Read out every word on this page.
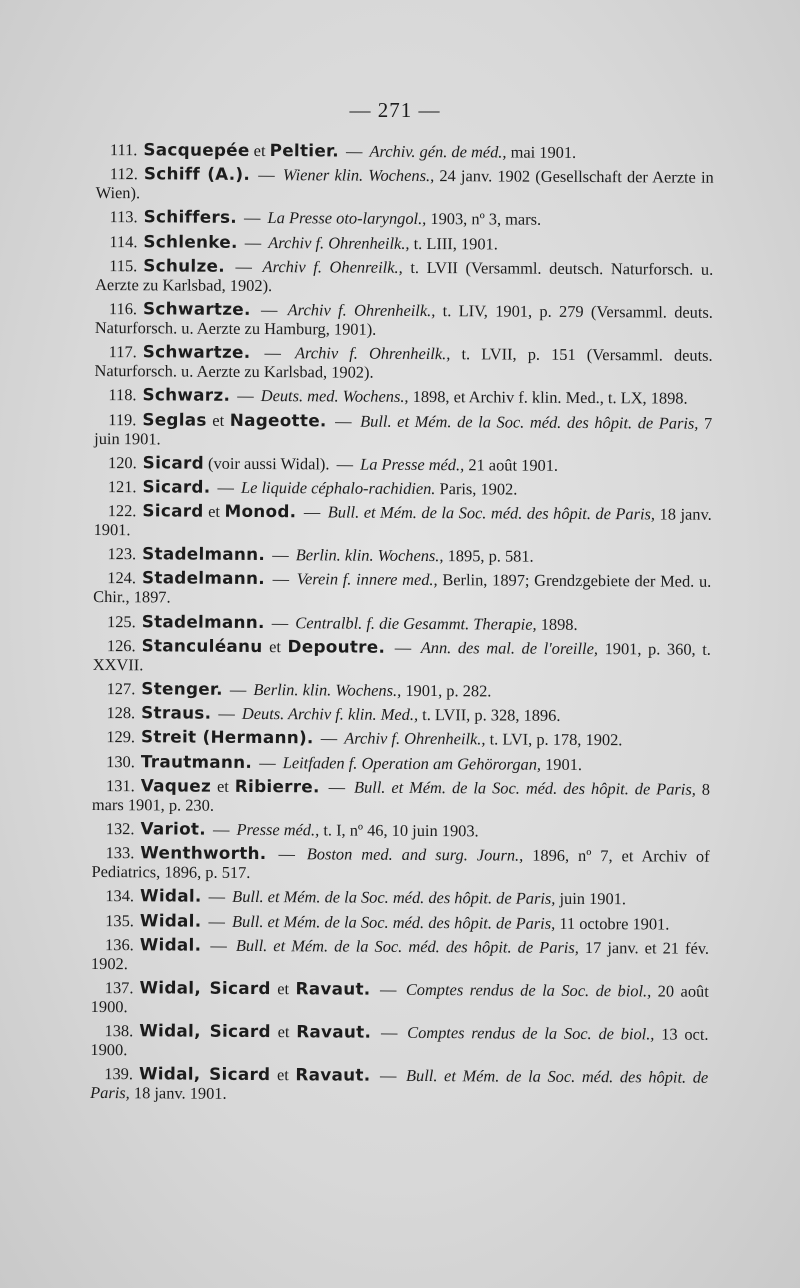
— 271 —

111. Sacquepée et Peltier. — Archiv. gén. de méd., mai 1901.

112. Schiff (A.). — Wiener klin. Wochens., 24 janv. 1902 (Gesellschaft der Aerzte in Wien).

113. Schiffers. — La Presse oto-laryngol., 1903, nº 3, mars.

114. Schlenke. — Archiv f. Ohrenheilk., t. LIII, 1901.

115. Schulze. — Archiv f. Ohenreilk., t. LVII (Versamml. deutsch. Naturforsch. u. Aerzte zu Karlsbad, 1902).

116. Schwartze. — Archiv f. Ohrenheilk., t. LIV, 1901, p. 279 (Versamml. deuts. Naturforsch. u. Aerzte zu Hamburg, 1901).

117. Schwartze. — Archiv f. Ohrenheilk., t. LVII, p. 151 (Versamml. deuts. Naturforsch. u. Aerzte zu Karlsbad, 1902).

118. Schwarz. — Deuts. med. Wochens., 1898, et Archiv f. klin. Med., t. LX, 1898.

119. Seglas et Nageotte. — Bull. et Mém. de la Soc. méd. des hôpit. de Paris, 7 juin 1901.

120. Sicard (voir aussi Widal). — La Presse méd., 21 août 1901.

121. Sicard. — Le liquide céphalo-rachidien. Paris, 1902.

122. Sicard et Monod. — Bull. et Mém. de la Soc. méd. des hôpit. de Paris, 18 janv. 1901.

123. Stadelmann. — Berlin. klin. Wochens., 1895, p. 581.

124. Stadelmann. — Verein f. innere med., Berlin, 1897; Grendzgebiete der Med. u. Chir., 1897.

125. Stadelmann. — Centralbl. f. die Gesammt. Therapie, 1898.

126. Stanculéanu et Depoutre. — Ann. des mal. de l'oreille, 1901, p. 360, t. XXVII.

127. Stenger. — Berlin. klin. Wochens., 1901, p. 282.

128. Straus. — Deuts. Archiv f. klin. Med., t. LVII, p. 328, 1896.

129. Streit (Hermann). — Archiv f. Ohrenheilk., t. LVI, p. 178, 1902.

130. Trautmann. — Leitfaden f. Operation am Gehörorgan, 1901.

131. Vaquez et Ribierre. — Bull. et Mém. de la Soc. méd. des hôpit. de Paris, 8 mars 1901, p. 230.

132. Variot. — Presse méd., t. I, nº 46, 10 juin 1903.

133. Wenthworth. — Boston med. and surg. Journ., 1896, nº 7, et Archiv of Pediatrics, 1896, p. 517.

134. Widal. — Bull. et Mém. de la Soc. méd. des hôpit. de Paris, juin 1901.

135. Widal. — Bull. et Mém. de la Soc. méd. des hôpit. de Paris, 11 octobre 1901.

136. Widal. — Bull. et Mém. de la Soc. méd. des hôpit. de Paris, 17 janv. et 21 fév. 1902.

137. Widal, Sicard et Ravaut. — Comptes rendus de la Soc. de biol., 20 août 1900.

138. Widal, Sicard et Ravaut. — Comptes rendus de la Soc. de biol., 13 oct. 1900.

139. Widal, Sicard et Ravaut. — Bull. et Mém. de la Soc. méd. des hôpit. de Paris, 18 janv. 1901.
